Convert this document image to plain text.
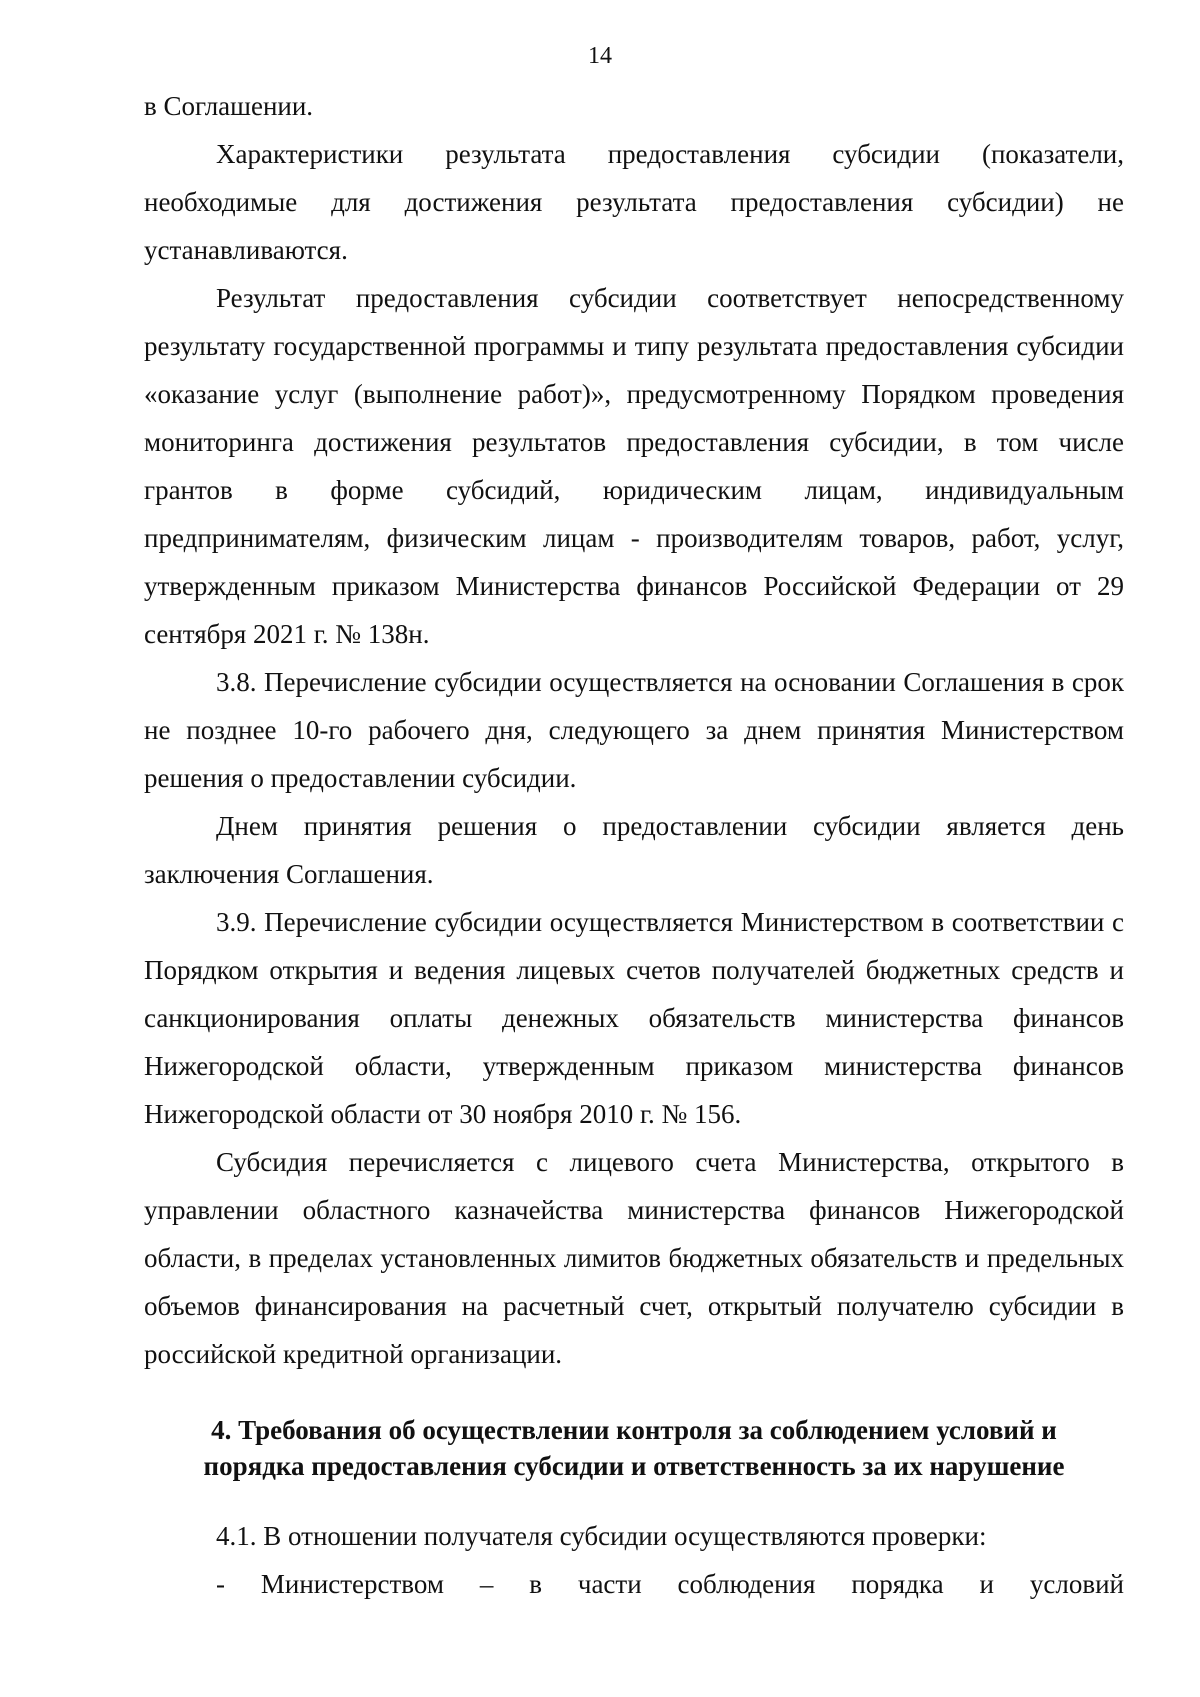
14

в Соглашении.

Характеристики результата предоставления субсидии (показатели, необходимые для достижения результата предоставления субсидии) не устанавливаются.

Результат предоставления субсидии соответствует непосредственному результату государственной программы и типу результата предоставления субсидии «оказание услуг (выполнение работ)», предусмотренному Порядком проведения мониторинга достижения результатов предоставления субсидии, в том числе грантов в форме субсидий, юридическим лицам, индивидуальным предпринимателям, физическим лицам - производителям товаров, работ, услуг, утвержденным приказом Министерства финансов Российской Федерации от 29 сентября 2021 г. № 138н.

3.8. Перечисление субсидии осуществляется на основании Соглашения в срок не позднее 10-го рабочего дня, следующего за днем принятия Министерством решения о предоставлении субсидии.

Днем принятия решения о предоставлении субсидии является день заключения Соглашения.

3.9. Перечисление субсидии осуществляется Министерством в соответствии с Порядком открытия и ведения лицевых счетов получателей бюджетных средств и санкционирования оплаты денежных обязательств министерства финансов Нижегородской области, утвержденным приказом министерства финансов Нижегородской области от 30 ноября 2010 г. № 156.

Субсидия перечисляется с лицевого счета Министерства, открытого в управлении областного казначейства министерства финансов Нижегородской области, в пределах установленных лимитов бюджетных обязательств и предельных объемов финансирования на расчетный счет, открытый получателю субсидии в российской кредитной организации.

4. Требования об осуществлении контроля за соблюдением условий и порядка предоставления субсидии и ответственность за их нарушение

4.1. В отношении получателя субсидии осуществляются проверки:

- Министерством – в части соблюдения порядка и условий
